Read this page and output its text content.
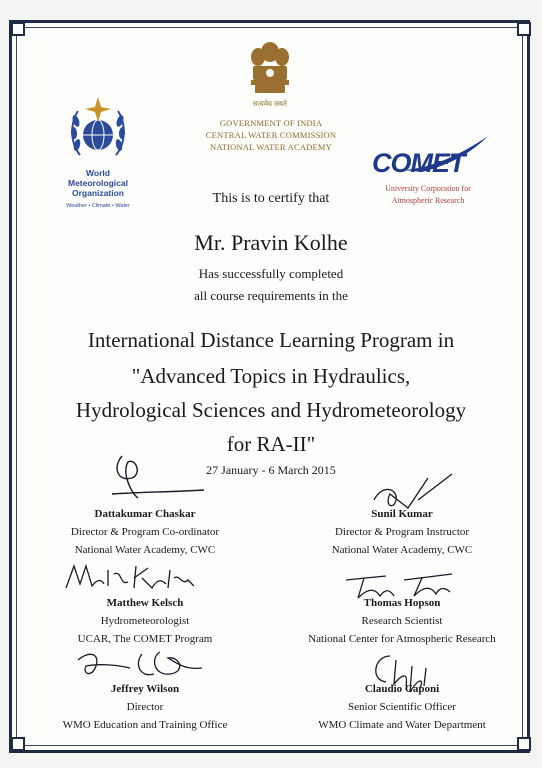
सत्यमेव जयते
GOVERNMENT OF INDIA
CENTRAL WATER COMMISSION
NATIONAL WATER ACADEMY
World
Meteorological
Organization
Weather • Climate • Water
COMET
University Corporation for
Atmospheric Research
This is to certify that
Mr. Pravin Kolhe
Has successfully completed
all course requirements in the
International Distance Learning Program in
"Advanced Topics in Hydraulics,
Hydrological Sciences and Hydrometeorology
for RA-II"
27 January - 6 March 2015
Dattakumar Chaskar
Director & Program Co-ordinator
National Water Academy, CWC
Sunil Kumar
Director & Program Instructor
National Water Academy, CWC
Matthew Kelsch
Hydrometeorologist
UCAR, The COMET Program
Thomas Hopson
Research Scientist
National Center for Atmospheric Research
Jeffrey Wilson
Director
WMO Education and Training Office
Claudio Caponi
Senior Scientific Officer
WMO Climate and Water Department
